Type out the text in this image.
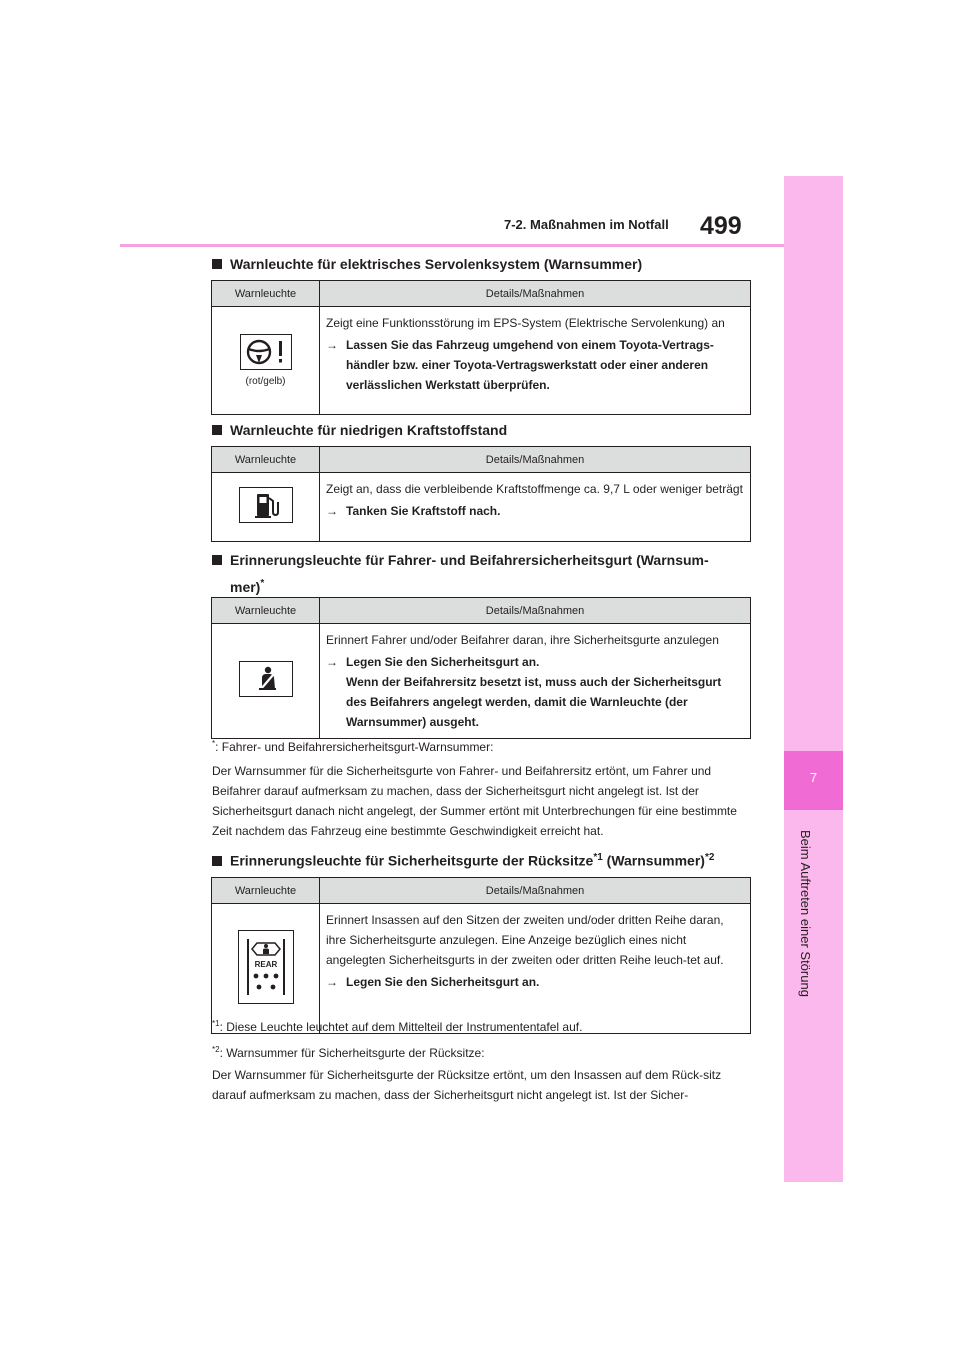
7-2. Maßnahmen im Notfall 499
7
Beim Auftreten einer Störung
Warnleuchte für elektrisches Servolenksystem (Warnsummer)
Warnleuchte	Details/Maßnahmen

(rot/gelb)	Zeigt eine Funktionsstörung im EPS-System (Elektrische Servolenkung) an
→ Lassen Sie das Fahrzeug umgehend von einem Toyota-Vertrags-händler bzw. einer Toyota-Vertragswerkstatt oder einer anderen verlässlichen Werkstatt überprüfen.
Warnleuchte für niedrigen Kraftstoffstand
Warnleuchte	Details/Maßnahmen

Zeigt an, dass die verbleibende Kraftstoffmenge ca. 9,7 L oder weniger beträgt
→ Tanken Sie Kraftstoff nach.
Erinnerungsleuchte für Fahrer- und Beifahrersicherheitsgurt (Warnsum-
mer)*
Warnleuchte	Details/Maßnahmen

Erinnert Fahrer und/oder Beifahrer daran, ihre Sicherheitsgurte anzulegen
→ Legen Sie den Sicherheitsgurt an.
Wenn der Beifahrersitz besetzt ist, muss auch der Sicherheitsgurt des Beifahrers angelegt werden, damit die Warnleuchte (der Warnsummer) ausgeht.
*: Fahrer- und Beifahrersicherheitsgurt-Warnsummer:
Der Warnsummer für die Sicherheitsgurte von Fahrer- und Beifahrersitz ertönt, um Fahrer und Beifahrer darauf aufmerksam zu machen, dass der Sicherheitsgurt nicht angelegt ist. Ist der Sicherheitsgurt danach nicht angelegt, der Summer ertönt mit Unterbrechungen für eine bestimmte Zeit nachdem das Fahrzeug eine bestimmte Geschwindigkeit erreicht hat.
Erinnerungsleuchte für Sicherheitsgurte der Rücksitze$^{*1}$ (Warnsummer)$^{*2}$
Warnleuchte	Details/Maßnahmen

REAR	Erinnert Insassen auf den Sitzen der zweiten und/oder dritten Reihe daran, ihre Sicherheitsgurte anzulegen. Eine Anzeige bezüglich eines nicht angelegten Sicherheitsgurts in der zweiten oder dritten Reihe leuch-tet auf.
→ Legen Sie den Sicherheitsgurt an.
$^{*1}$: Diese Leuchte leuchtet auf dem Mittelteil der Instrumententafel auf.
$^{*2}$: Warnsummer für Sicherheitsgurte der Rücksitze:
Der Warnsummer für Sicherheitsgurte der Rücksitze ertönt, um den Insassen auf dem Rück-sitz darauf aufmerksam zu machen, dass der Sicherheitsgurt nicht angelegt ist. Ist der Sicher-
